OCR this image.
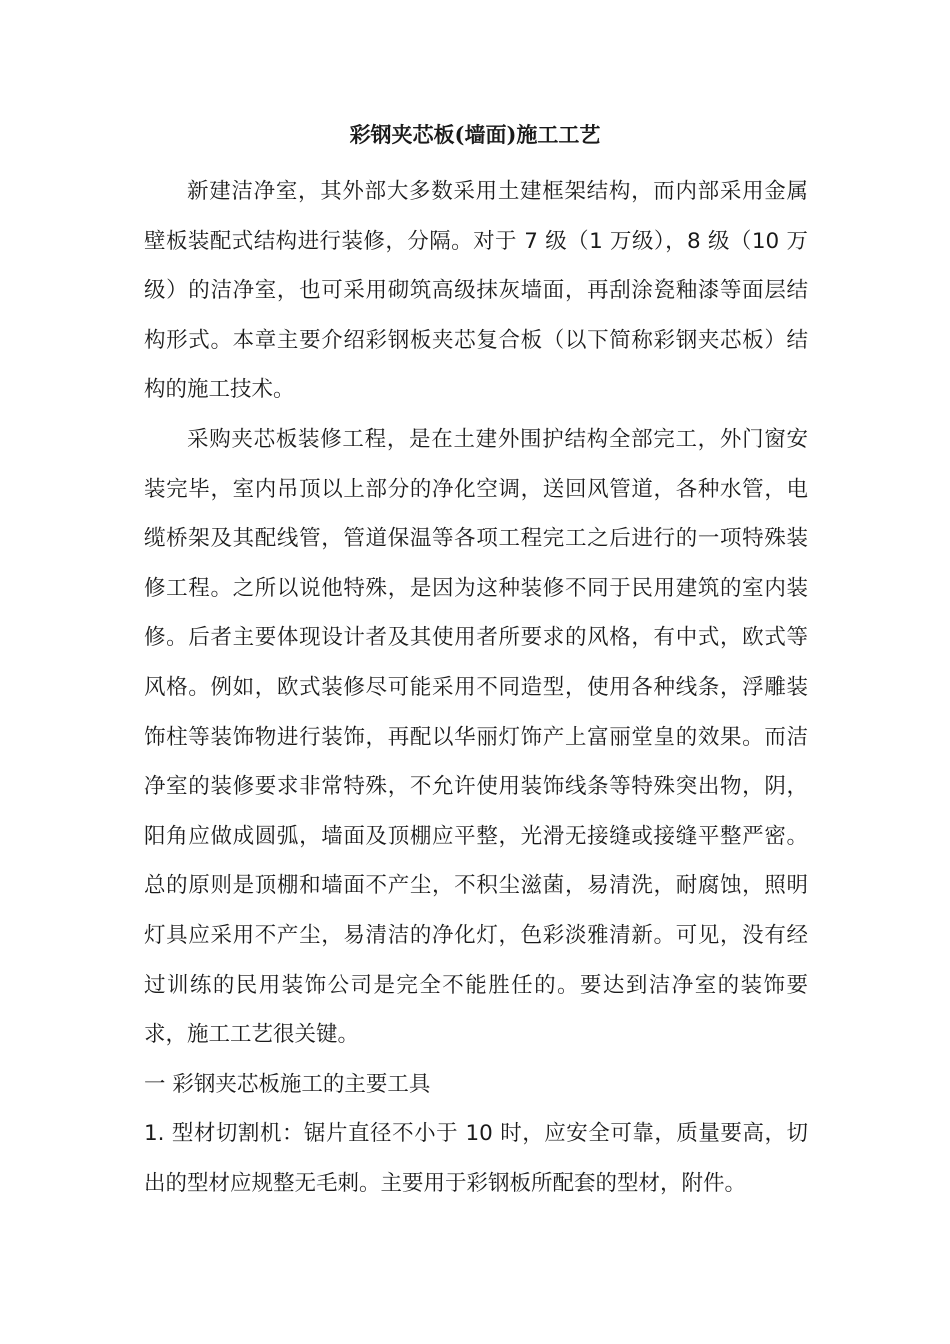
彩钢夹芯板(墙面)施工工艺

新建洁净室，其外部大多数采用土建框架结构，而内部采用金属壁板装配式结构进行装修，分隔。对于 7 级（1 万级），8 级（10 万级）的洁净室，也可采用砌筑高级抹灰墙面，再刮涂瓷釉漆等面层结构形式。本章主要介绍彩钢板夹芯复合板（以下简称彩钢夹芯板）结构的施工技术。

采购夹芯板装修工程，是在土建外围护结构全部完工，外门窗安装完毕，室内吊顶以上部分的净化空调，送回风管道，各种水管，电缆桥架及其配线管，管道保温等各项工程完工之后进行的一项特殊装修工程。之所以说他特殊，是因为这种装修不同于民用建筑的室内装修。后者主要体现设计者及其使用者所要求的风格，有中式，欧式等风格。例如，欧式装修尽可能采用不同造型，使用各种线条，浮雕装饰柱等装饰物进行装饰，再配以华丽灯饰产上富丽堂皇的效果。而洁净室的装修要求非常特殊，不允许使用装饰线条等特殊突出物，阴，阳角应做成圆弧，墙面及顶棚应平整，光滑无接缝或接缝平整严密。总的原则是顶棚和墙面不产尘，不积尘滋菌，易清洗，耐腐蚀，照明灯具应采用不产尘，易清洁的净化灯，色彩淡雅清新。可见，没有经过训练的民用装饰公司是完全不能胜任的。要达到洁净室的装饰要求，施工工艺很关键。

一 彩钢夹芯板施工的主要工具

1. 型材切割机：锯片直径不小于 10 时，应安全可靠，质量要高，切出的型材应规整无毛刺。主要用于彩钢板所配套的型材，附件。
